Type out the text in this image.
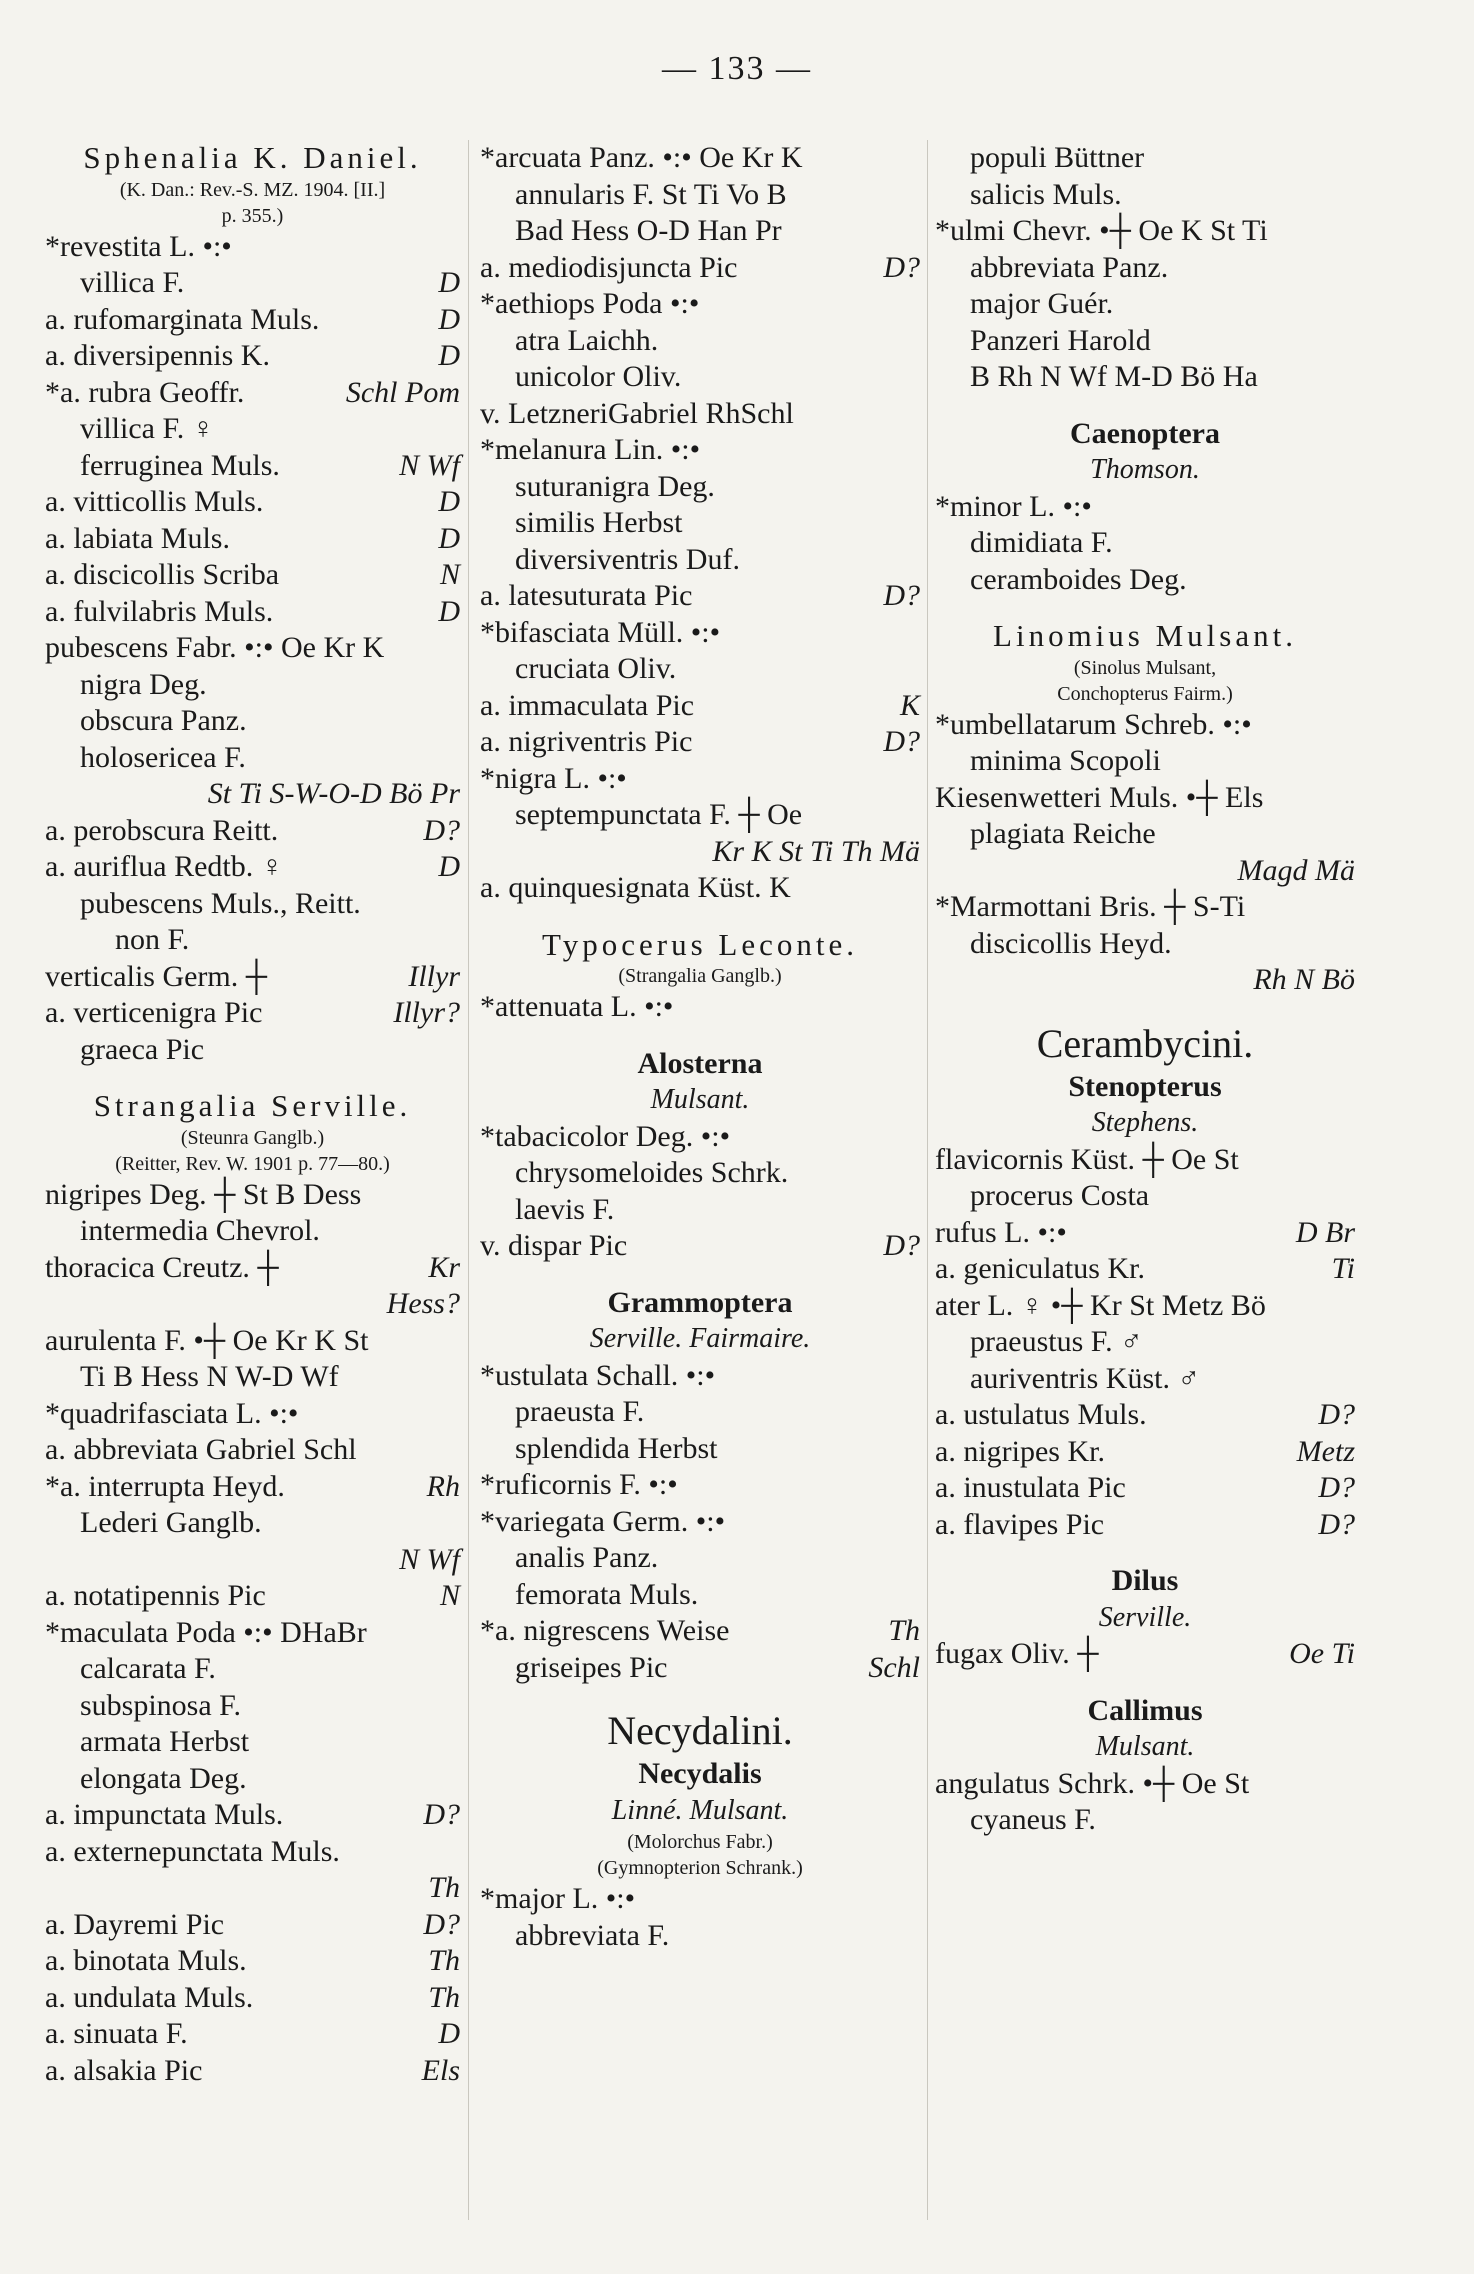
— 133 —
Sphenalia K. Daniel.
(K. Dan.: Rev.-S. MZ. 1904. [II.]
p. 355.)
*revestita L. •:•
villica F.	D
a. rufomarginata Muls.	D
a. diversipennis K.	D
*a. rubra Geoffr.	Schl Pom
villica F. ♀
ferruginea Muls.	N Wf
a. vitticollis Muls.	D
a. labiata Muls.	D
a. discicollis Scriba	N
a. fulvilabris Muls.	D
pubescens Fabr. •:• Oe Kr K
nigra Deg.
obscura Panz.
holosericea F.
St Ti S-W-O-D Bö Pr
a. perobscura Reitt.	D?
a. auriflua Redtb. ♀	D
pubescens Muls., Reitt.
non F.
verticalis Germ. ┼	Illyr
a. verticenigra Pic	Illyr?
graeca Pic
Strangalia Serville.
(Steunra Ganglb.)
(Reitter, Rev. W. 1901 p. 77—80.)
nigripes Deg. ┼ St B Dess
intermedia Chevrol.
thoracica Creutz. ┼	Kr
Hess?
aurulenta F. •┼ Oe Kr K St
Ti B Hess N W-D Wf
*quadrifasciata L. •:•
a. abbreviata Gabriel Schl
*a. interrupta Heyd.	Rh
Lederi Ganglb.
N Wf
a. notatipennis Pic	N
*maculata Poda •:• DHaBr
calcarata F.
subspinosa F.
armata Herbst
elongata Deg.
a. impunctata Muls.	D?
a. externepunctata Muls.
Th
a. Dayremi Pic	D?
a. binotata Muls.	Th
a. undulata Muls.	Th
a. sinuata F.	D
a. alsakia Pic	Els
*arcuata Panz. •:• Oe Kr K
annularis F. St Ti Vo B
Bad Hess O-D Han Pr
a. mediodisjuncta Pic	D?
*aethiops Poda •:•
atra Laichh.
unicolor Oliv.
v. LetzneriGabriel RhSchl
*melanura Lin. •:•
suturanigra Deg.
similis Herbst
diversiventris Duf.
a. latesuturata Pic	D?
*bifasciata Müll. •:•
cruciata Oliv.
a. immaculata Pic	K
a. nigriventris Pic	D?
*nigra L. •:•
septempunctata F. ┼ Oe
Kr K St Ti Th Mä
a. quinquesignata Küst. K
Typocerus Leconte.
(Strangalia Ganglb.)
*attenuata L. •:•
Alosterna
Mulsant.
*tabacicolor Deg. •:•
chrysomeloides Schrk.
laevis F.
v. dispar Pic	D?
Grammoptera
Serville. Fairmaire.
*ustulata Schall. •:•
praeusta F.
splendida Herbst
*ruficornis F. •:•
*variegata Germ. •:•
analis Panz.
femorata Muls.
*a. nigrescens Weise	Th
griseipes Pic	Schl
Necydalini.
Necydalis
Linné. Mulsant.
(Molorchus Fabr.)
(Gymnopterion Schrank.)
*major L. •:•
abbreviata F.
populi Büttner
salicis Muls.
*ulmi Chevr. •┼ Oe K St Ti
abbreviata Panz.
major Guér.
Panzeri Harold
B Rh N Wf M-D Bö Ha
Caenoptera
Thomson.
*minor L. •:•
dimidiata F.
ceramboides Deg.
Linomius Mulsant.
(Sinolus Mulsant,
Conchopterus Fairm.)
*umbellatarum Schreb. •:•
minima Scopoli
Kiesenwetteri Muls. •┼ Els
plagiata Reiche
Magd Mä
*Marmottani Bris. ┼ S-Ti
discicollis Heyd.
Rh N Bö
Cerambycini.
Stenopterus
Stephens.
flavicornis Küst. ┼ Oe St
procerus Costa
rufus L. •:•	D Br
a. geniculatus Kr.	Ti
ater L. ♀ •┼ Kr St Metz Bö
praeustus F. ♂
auriventris Küst. ♂
a. ustulatus Muls.	D?
a. nigripes Kr.	Metz
a. inustulata Pic	D?
a. flavipes Pic	D?
Dilus
Serville.
fugax Oliv. ┼	Oe Ti
Callimus
Mulsant.
angulatus Schrk. •┼ Oe St
cyaneus F.
